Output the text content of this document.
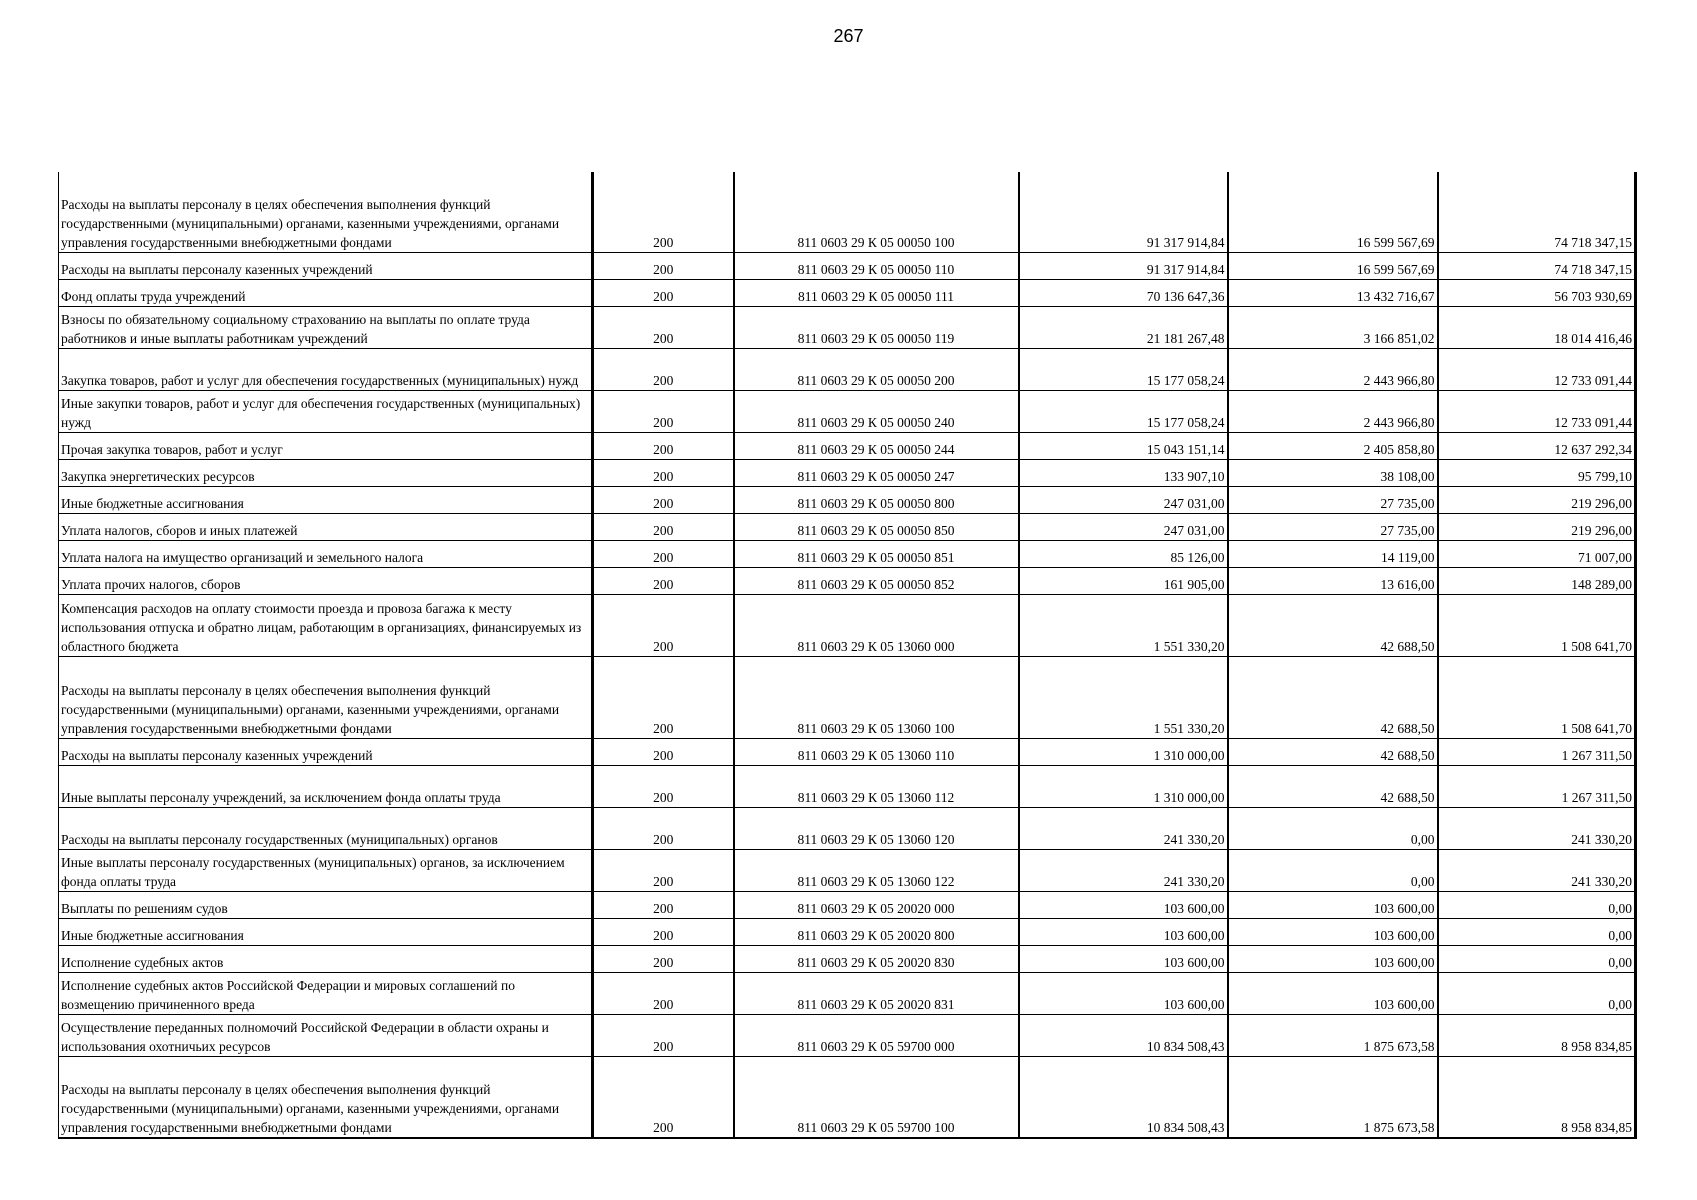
267
Расходы на выплаты персоналу в целях обеспечения выполнения функций государственными (муниципальными) органами, казенными учреждениями, органами управления государственными внебюджетными фондами	200	811 0603 29 К 05 00050 100	91 317 914,84	16 599 567,69	74 718 347,15
Расходы на выплаты персоналу казенных учреждений	200	811 0603 29 К 05 00050 110	91 317 914,84	16 599 567,69	74 718 347,15
Фонд оплаты труда учреждений	200	811 0603 29 К 05 00050 111	70 136 647,36	13 432 716,67	56 703 930,69
Взносы по обязательному социальному страхованию на выплаты по оплате труда работников и иные выплаты работникам учреждений	200	811 0603 29 К 05 00050 119	21 181 267,48	3 166 851,02	18 014 416,46
Закупка товаров, работ и услуг для обеспечения государственных (муниципальных) нужд	200	811 0603 29 К 05 00050 200	15 177 058,24	2 443 966,80	12 733 091,44
Иные закупки товаров, работ и услуг для обеспечения государственных (муниципальных) нужд	200	811 0603 29 К 05 00050 240	15 177 058,24	2 443 966,80	12 733 091,44
Прочая закупка товаров, работ и услуг	200	811 0603 29 К 05 00050 244	15 043 151,14	2 405 858,80	12 637 292,34
Закупка энергетических ресурсов	200	811 0603 29 К 05 00050 247	133 907,10	38 108,00	95 799,10
Иные бюджетные ассигнования	200	811 0603 29 К 05 00050 800	247 031,00	27 735,00	219 296,00
Уплата налогов, сборов и иных платежей	200	811 0603 29 К 05 00050 850	247 031,00	27 735,00	219 296,00
Уплата налога на имущество организаций и земельного налога	200	811 0603 29 К 05 00050 851	85 126,00	14 119,00	71 007,00
Уплата прочих налогов, сборов	200	811 0603 29 К 05 00050 852	161 905,00	13 616,00	148 289,00
Компенсация расходов на оплату стоимости проезда и провоза багажа к месту использования отпуска и обратно лицам, работающим в организациях, финансируемых из областного бюджета	200	811 0603 29 К 05 13060 000	1 551 330,20	42 688,50	1 508 641,70
Расходы на выплаты персоналу в целях обеспечения выполнения функций государственными (муниципальными) органами, казенными учреждениями, органами управления государственными внебюджетными фондами	200	811 0603 29 К 05 13060 100	1 551 330,20	42 688,50	1 508 641,70
Расходы на выплаты персоналу казенных учреждений	200	811 0603 29 К 05 13060 110	1 310 000,00	42 688,50	1 267 311,50
Иные выплаты персоналу учреждений, за исключением фонда оплаты труда	200	811 0603 29 К 05 13060 112	1 310 000,00	42 688,50	1 267 311,50
Расходы на выплаты персоналу государственных (муниципальных) органов	200	811 0603 29 К 05 13060 120	241 330,20	0,00	241 330,20
Иные выплаты персоналу государственных (муниципальных) органов, за исключением фонда оплаты труда	200	811 0603 29 К 05 13060 122	241 330,20	0,00	241 330,20
Выплаты по решениям судов	200	811 0603 29 К 05 20020 000	103 600,00	103 600,00	0,00
Иные бюджетные ассигнования	200	811 0603 29 К 05 20020 800	103 600,00	103 600,00	0,00
Исполнение судебных актов	200	811 0603 29 К 05 20020 830	103 600,00	103 600,00	0,00
Исполнение судебных актов Российской Федерации и мировых соглашений по возмещению причиненного вреда	200	811 0603 29 К 05 20020 831	103 600,00	103 600,00	0,00
Осуществление переданных полномочий Российской Федерации в области охраны и использования охотничьих ресурсов	200	811 0603 29 К 05 59700 000	10 834 508,43	1 875 673,58	8 958 834,85
Расходы на выплаты персоналу в целях обеспечения выполнения функций государственными (муниципальными) органами, казенными учреждениями, органами управления государственными внебюджетными фондами	200	811 0603 29 К 05 59700 100	10 834 508,43	1 875 673,58	8 958 834,85
